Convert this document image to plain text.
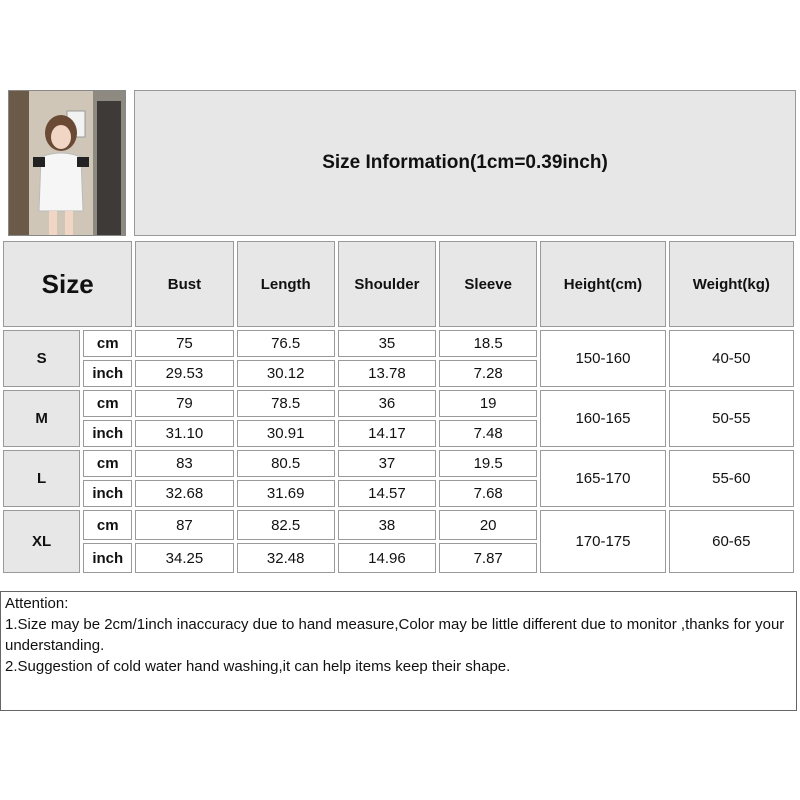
Size Information(1cm=0.39inch)
Size		Bust	Length	Shoulder	Sleeve	Height(cm)	Weight(kg)
S	cm	75	76.5	35	18.5	150-160	40-50
	inch	29.53	30.12	13.78	7.28		
M	cm	79	78.5	36	19	160-165	50-55
	inch	31.10	30.91	14.17	7.48		
L	cm	83	80.5	37	19.5	165-170	55-60
	inch	32.68	31.69	14.57	7.68		
XL	cm	87	82.5	38	20	170-175	60-65
	inch	34.25	32.48	14.96	7.87		
Attention:
1.Size may be 2cm/1inch inaccuracy due to hand measure,Color may be little different due to monitor ,thanks for your understanding.
2.Suggestion of cold water hand washing,it can help items keep their shape.
